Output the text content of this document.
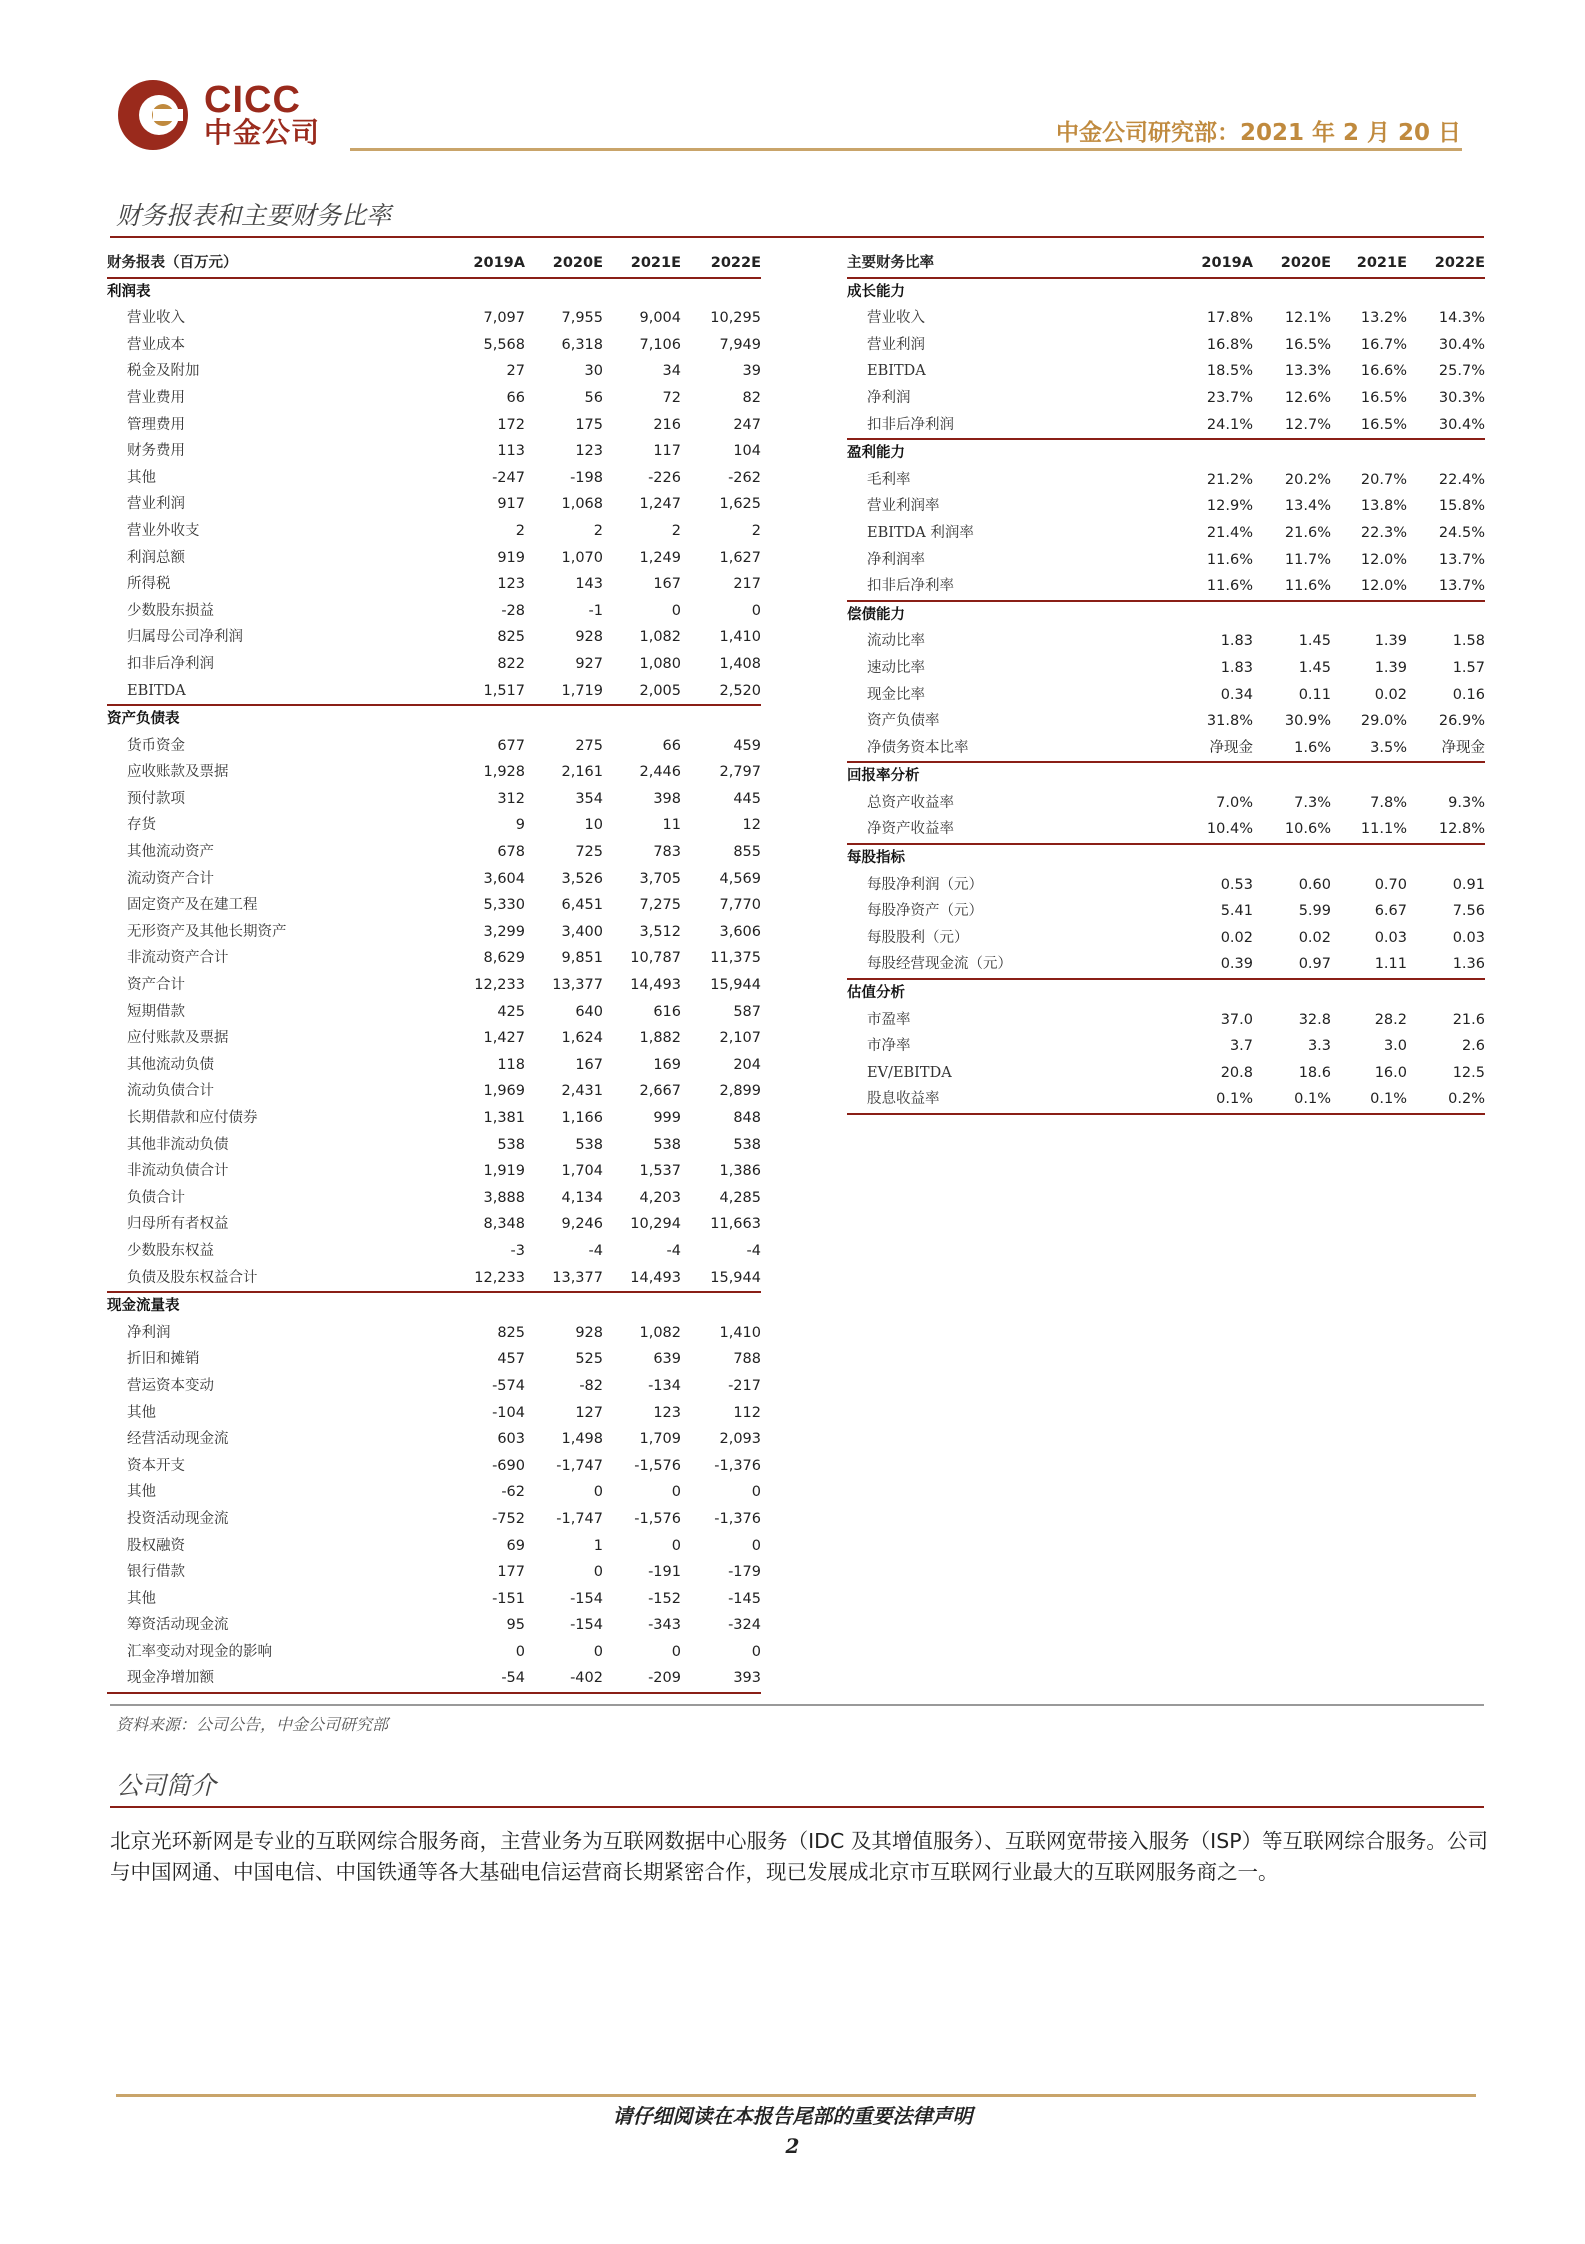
CICC
中金公司	中金公司研究部：2021 年 2 月 20 日
财务报表和主要财务比率
财务报表（百万元）	2019A	2020E	2021E	2022E
利润表				
营业收入	7,097	7,955	9,004	10,295
营业成本	5,568	6,318	7,106	7,949
税金及附加	27	30	34	39
营业费用	66	56	72	82
管理费用	172	175	216	247
财务费用	113	123	117	104
其他	-247	-198	-226	-262
营业利润	917	1,068	1,247	1,625
营业外收支	2	2	2	2
利润总额	919	1,070	1,249	1,627
所得税	123	143	167	217
少数股东损益	-28	-1	0	0
归属母公司净利润	825	928	1,082	1,410
扣非后净利润	822	927	1,080	1,408
EBITDA	1,517	1,719	2,005	2,520
资产负债表				
货币资金	677	275	66	459
应收账款及票据	1,928	2,161	2,446	2,797
预付款项	312	354	398	445
存货	9	10	11	12
其他流动资产	678	725	783	855
流动资产合计	3,604	3,526	3,705	4,569
固定资产及在建工程	5,330	6,451	7,275	7,770
无形资产及其他长期资产	3,299	3,400	3,512	3,606
非流动资产合计	8,629	9,851	10,787	11,375
资产合计	12,233	13,377	14,493	15,944
短期借款	425	640	616	587
应付账款及票据	1,427	1,624	1,882	2,107
其他流动负债	118	167	169	204
流动负债合计	1,969	2,431	2,667	2,899
长期借款和应付债券	1,381	1,166	999	848
其他非流动负债	538	538	538	538
非流动负债合计	1,919	1,704	1,537	1,386
负债合计	3,888	4,134	4,203	4,285
归母所有者权益	8,348	9,246	10,294	11,663
少数股东权益	-3	-4	-4	-4
负债及股东权益合计	12,233	13,377	14,493	15,944
现金流量表				
净利润	825	928	1,082	1,410
折旧和摊销	457	525	639	788
营运资本变动	-574	-82	-134	-217
其他	-104	127	123	112
经营活动现金流	603	1,498	1,709	2,093
资本开支	-690	-1,747	-1,576	-1,376
其他	-62	0	0	0
投资活动现金流	-752	-1,747	-1,576	-1,376
股权融资	69	1	0	0
银行借款	177	0	-191	-179
其他	-151	-154	-152	-145
筹资活动现金流	95	-154	-343	-324
汇率变动对现金的影响	0	0	0	0
现金净增加额	-54	-402	-209	393
主要财务比率	2019A	2020E	2021E	2022E
成长能力				
营业收入	17.8%	12.1%	13.2%	14.3%
营业利润	16.8%	16.5%	16.7%	30.4%
EBITDA	18.5%	13.3%	16.6%	25.7%
净利润	23.7%	12.6%	16.5%	30.3%
扣非后净利润	24.1%	12.7%	16.5%	30.4%
盈利能力				
毛利率	21.2%	20.2%	20.7%	22.4%
营业利润率	12.9%	13.4%	13.8%	15.8%
EBITDA 利润率	21.4%	21.6%	22.3%	24.5%
净利润率	11.6%	11.7%	12.0%	13.7%
扣非后净利率	11.6%	11.6%	12.0%	13.7%
偿债能力				
流动比率	1.83	1.45	1.39	1.58
速动比率	1.83	1.45	1.39	1.57
现金比率	0.34	0.11	0.02	0.16
资产负债率	31.8%	30.9%	29.0%	26.9%
净债务资本比率	净现金	1.6%	3.5%	净现金
回报率分析				
总资产收益率	7.0%	7.3%	7.8%	9.3%
净资产收益率	10.4%	10.6%	11.1%	12.8%
每股指标				
每股净利润（元）	0.53	0.60	0.70	0.91
每股净资产（元）	5.41	5.99	6.67	7.56
每股股利（元）	0.02	0.02	0.03	0.03
每股经营现金流（元）	0.39	0.97	1.11	1.36
估值分析				
市盈率	37.0	32.8	28.2	21.6
市净率	3.7	3.3	3.0	2.6
EV/EBITDA	20.8	18.6	16.0	12.5
股息收益率	0.1%	0.1%	0.1%	0.2%
资料来源：公司公告，中金公司研究部
公司简介
北京光环新网是专业的互联网综合服务商，主营业务为互联网数据中心服务（IDC 及其增值服务）、互联网宽带接入服务（ISP）等互联网综合服务。公司与中国网通、中国电信、中国铁通等各大基础电信运营商长期紧密合作，现已发展成北京市互联网行业最大的互联网服务商之一。
请仔细阅读在本报告尾部的重要法律声明
2
